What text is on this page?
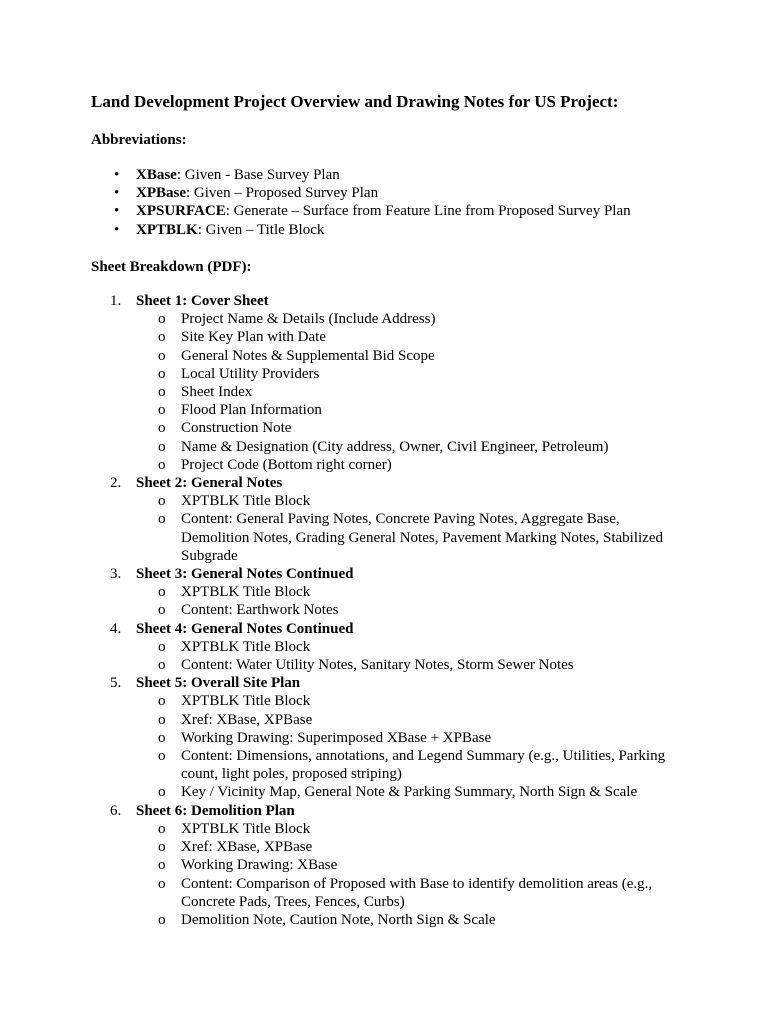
Land Development Project Overview and Drawing Notes for US Project:

Abbreviations:

• XBase: Given - Base Survey Plan
• XPBase: Given – Proposed Survey Plan
• XPSURFACE: Generate – Surface from Feature Line from Proposed Survey Plan
• XPTBLK: Given – Title Block

Sheet Breakdown (PDF):

1. Sheet 1: Cover Sheet
o Project Name & Details (Include Address)
o Site Key Plan with Date
o General Notes & Supplemental Bid Scope
o Local Utility Providers
o Sheet Index
o Flood Plan Information
o Construction Note
o Name & Designation (City address, Owner, Civil Engineer, Petroleum)
o Project Code (Bottom right corner)
2. Sheet 2: General Notes
o XPTBLK Title Block
o Content: General Paving Notes, Concrete Paving Notes, Aggregate Base, Demolition Notes, Grading General Notes, Pavement Marking Notes, Stabilized Subgrade
3. Sheet 3: General Notes Continued
o XPTBLK Title Block
o Content: Earthwork Notes
4. Sheet 4: General Notes Continued
o XPTBLK Title Block
o Content: Water Utility Notes, Sanitary Notes, Storm Sewer Notes
5. Sheet 5: Overall Site Plan
o XPTBLK Title Block
o Xref: XBase, XPBase
o Working Drawing: Superimposed XBase + XPBase
o Content: Dimensions, annotations, and Legend Summary (e.g., Utilities, Parking count, light poles, proposed striping)
o Key / Vicinity Map, General Note & Parking Summary, North Sign & Scale
6. Sheet 6: Demolition Plan
o XPTBLK Title Block
o Xref: XBase, XPBase
o Working Drawing: XBase
o Content: Comparison of Proposed with Base to identify demolition areas (e.g., Concrete Pads, Trees, Fences, Curbs)
o Demolition Note, Caution Note, North Sign & Scale
